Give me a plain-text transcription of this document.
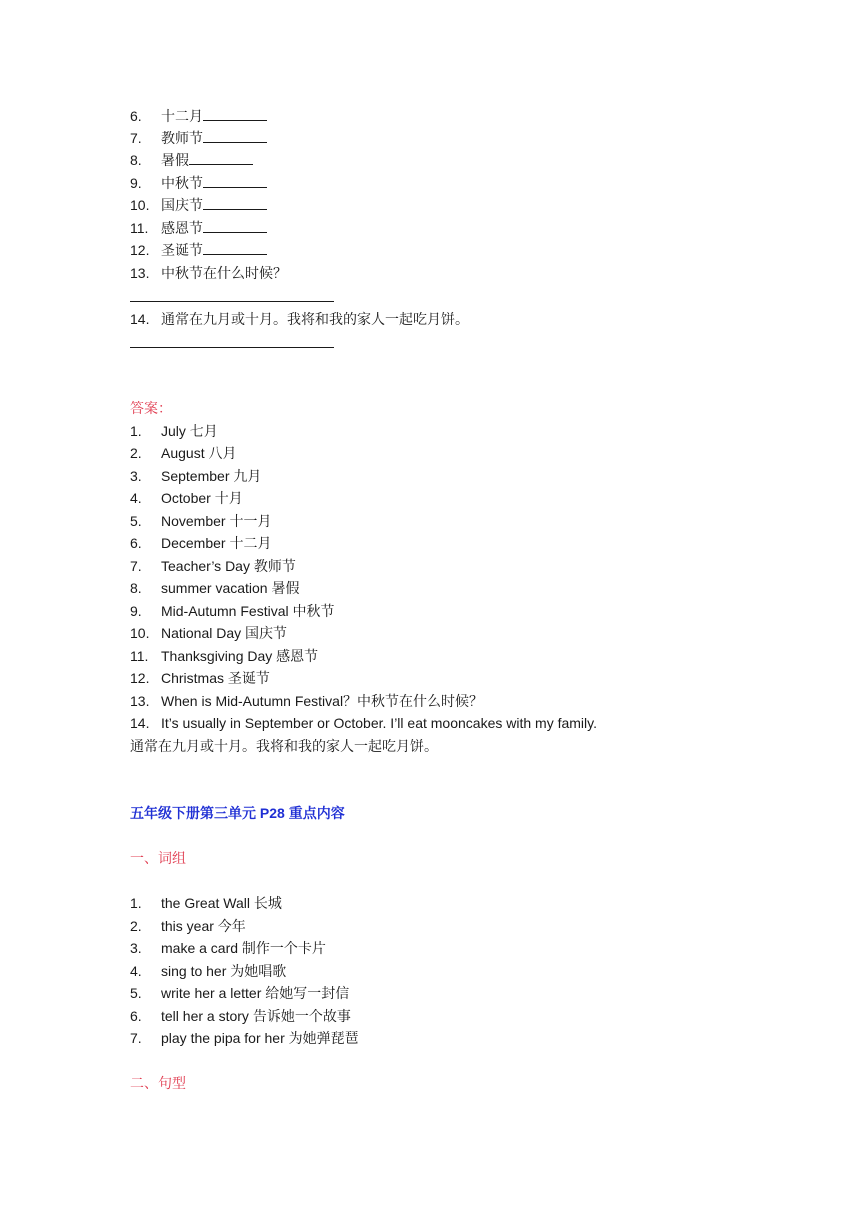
6. 十二月
7. 教师节
8. 暑假
9. 中秋节
10. 国庆节
11. 感恩节
12. 圣诞节
13. 中秋节在什么时候？
14. 通常在九月或十月。我将和我的家人一起吃月饼。
答案：
1. July 七月
2. August 八月
3. September 九月
4. October 十月
5. November 十一月
6. December 十二月
7. Teacher’s Day 教师节
8. summer vacation 暑假
9. Mid-Autumn Festival 中秋节
10. National Day 国庆节
11. Thanksgiving Day 感恩节
12. Christmas 圣诞节
13. When is Mid-Autumn Festival？中秋节在什么时候？
14. It’s usually in September or October. I’ll eat mooncakes with my family.
通常在九月或十月。我将和我的家人一起吃月饼。
五年级下册第三单元 P28 重点内容
一、词组
1. the Great Wall 长城
2. this year 今年
3. make a card 制作一个卡片
4. sing to her 为她唱歌
5. write her a letter 给她写一封信
6. tell her a story 告诉她一个故事
7. play the pipa for her 为她弹琵琶
二、句型
